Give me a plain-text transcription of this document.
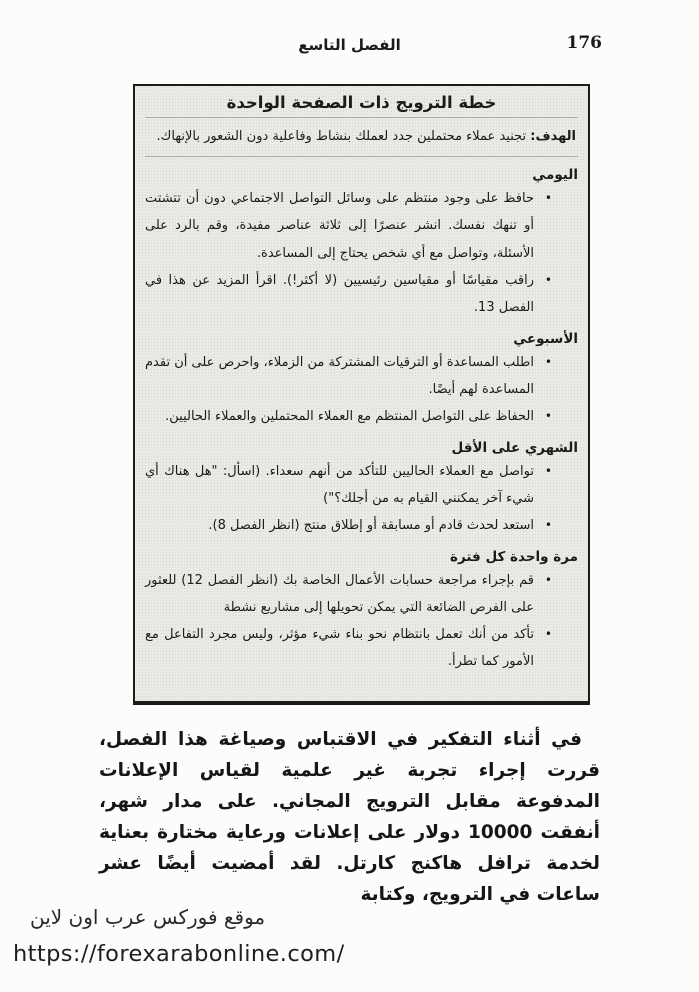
الفصل التاسع	176
خطة الترويج ذات الصفحة الواحدة
الهدف: تجنيد عملاء محتملين جدد لعملك بنشاط وفاعلية دون الشعور بالإنهاك.
اليومي
•
حافظ على وجود منتظم على وسائل التواصل الاجتماعي دون أن تتشتت أو تنهك نفسك. انشر عنصرًا إلى ثلاثة عناصر مفيدة، وقم بالرد على الأسئلة، وتواصل مع أي شخص يحتاج إلى المساعدة.
•
راقب مقياسًا أو مقياسين رئيسيين (لا أكثر!). اقرأ المزيد عن هذا في الفصل 13.
الأسبوعي
•
اطلب المساعدة أو الترقيات المشتركة من الزملاء، واحرص على أن تقدم المساعدة لهم أيضًا.
•
الحفاظ على التواصل المنتظم مع العملاء المحتملين والعملاء الحاليين.
الشهري على الأقل
•
تواصل مع العملاء الحاليين للتأكد من أنهم سعداء. (اسأل: "هل هناك أي شيء آخر يمكنني القيام به من أجلك؟")
•
استعد لحدث قادم أو مسابقة أو إطلاق منتج (انظر الفصل 8).
مرة واحدة كل فترة
•
قم بإجراء مراجعة حسابات الأعمال الخاصة بك (انظر الفصل 12) للعثور على الفرص الضائعة التي يمكن تحويلها إلى مشاريع نشطة
•
تأكد من أنك تعمل بانتظام نحو بناء شيء مؤثر، وليس مجرد التفاعل مع الأمور كما تطرأ.
في أثناء التفكير في الاقتباس وصياغة هذا الفصل، قررت إجراء تجربة غير علمية لقياس الإعلانات المدفوعة مقابل الترويج المجاني. على مدار شهر، أنفقت 10000 دولار على إعلانات ورعاية مختارة بعناية لخدمة ترافل هاكنج كارتل. لقد أمضيت أيضًا عشر ساعات في الترويج، وكتابة
موقع فوركس عرب اون لاين
https://forexarabonline.com/
